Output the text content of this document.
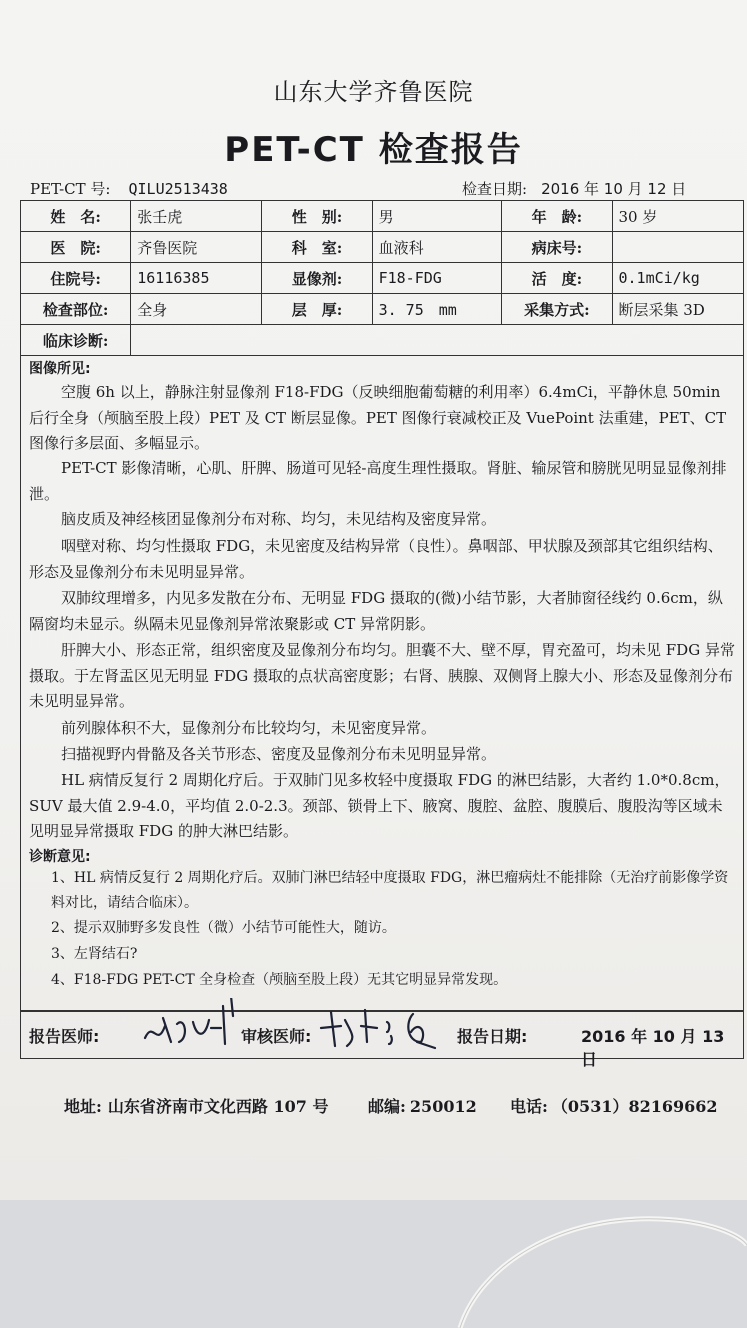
山东大学齐鲁医院
PET-CT 检查报告
PET-CT 号: QILU2513438	检查日期: 2016 年 10 月 12 日
姓　名:	张壬虎	性　别:	男	年　龄:	30 岁
医　院:	齐鲁医院	科　室:	血液科	病床号:	
住院号:	16116385	显像剂:	F18-FDG	活　度:	0.1mCi/kg
检查部位:	全身	层　厚:	3. 75　mm	采集方式:	断层采集 3D
临床诊断:					
图像所见:

空腹 6h 以上，静脉注射显像剂 F18-FDG（反映细胞葡萄糖的利用率）6.4mCi，平静休息 50min 后行全身（颅脑至股上段）PET 及 CT 断层显像。PET 图像行衰减校正及 VuePoint 法重建，PET、CT 图像行多层面、多幅显示。

PET-CT 影像清晰，心肌、肝脾、肠道可见轻-高度生理性摄取。肾脏、输尿管和膀胱见明显显像剂排泄。

脑皮质及神经核团显像剂分布对称、均匀，未见结构及密度异常。

咽壁对称、均匀性摄取 FDG，未见密度及结构异常（良性）。鼻咽部、甲状腺及颈部其它组织结构、形态及显像剂分布未见明显异常。

双肺纹理增多，内见多发散在分布、无明显 FDG 摄取的(微)小结节影，大者肺窗径线约 0.6cm，纵隔窗均未显示。纵隔未见显像剂异常浓聚影或 CT 异常阴影。

肝脾大小、形态正常，组织密度及显像剂分布均匀。胆囊不大、壁不厚，胃充盈可，均未见 FDG 异常摄取。于左肾盂区见无明显 FDG 摄取的点状高密度影；右肾、胰腺、双侧肾上腺大小、形态及显像剂分布未见明显异常。

前列腺体积不大，显像剂分布比较均匀，未见密度异常。

扫描视野内骨骼及各关节形态、密度及显像剂分布未见明显异常。

HL 病情反复行 2 周期化疗后。于双肺门见多枚轻中度摄取 FDG 的淋巴结影，大者约 1.0*0.8cm，SUV 最大值 2.9-4.0，平均值 2.0-2.3。颈部、锁骨上下、腋窝、腹腔、盆腔、腹膜后、腹股沟等区域未见明显异常摄取 FDG 的肿大淋巴结影。

诊断意见:

1、HL 病情反复行 2 周期化疗后。双肺门淋巴结轻中度摄取 FDG，淋巴瘤病灶不能排除（无治疗前影像学资料对比，请结合临床）。

2、提示双肺野多发良性（微）小结节可能性大，随访。

3、左肾结石?

4、F18-FDG PET-CT 全身检查（颅脑至股上段）无其它明显异常发现。

报告医师:	审核医师:	报告日期:	2016 年 10 月 13 日
地址: 山东省济南市文化西路 107 号 邮编: 250012 电话: （0531）82169662
